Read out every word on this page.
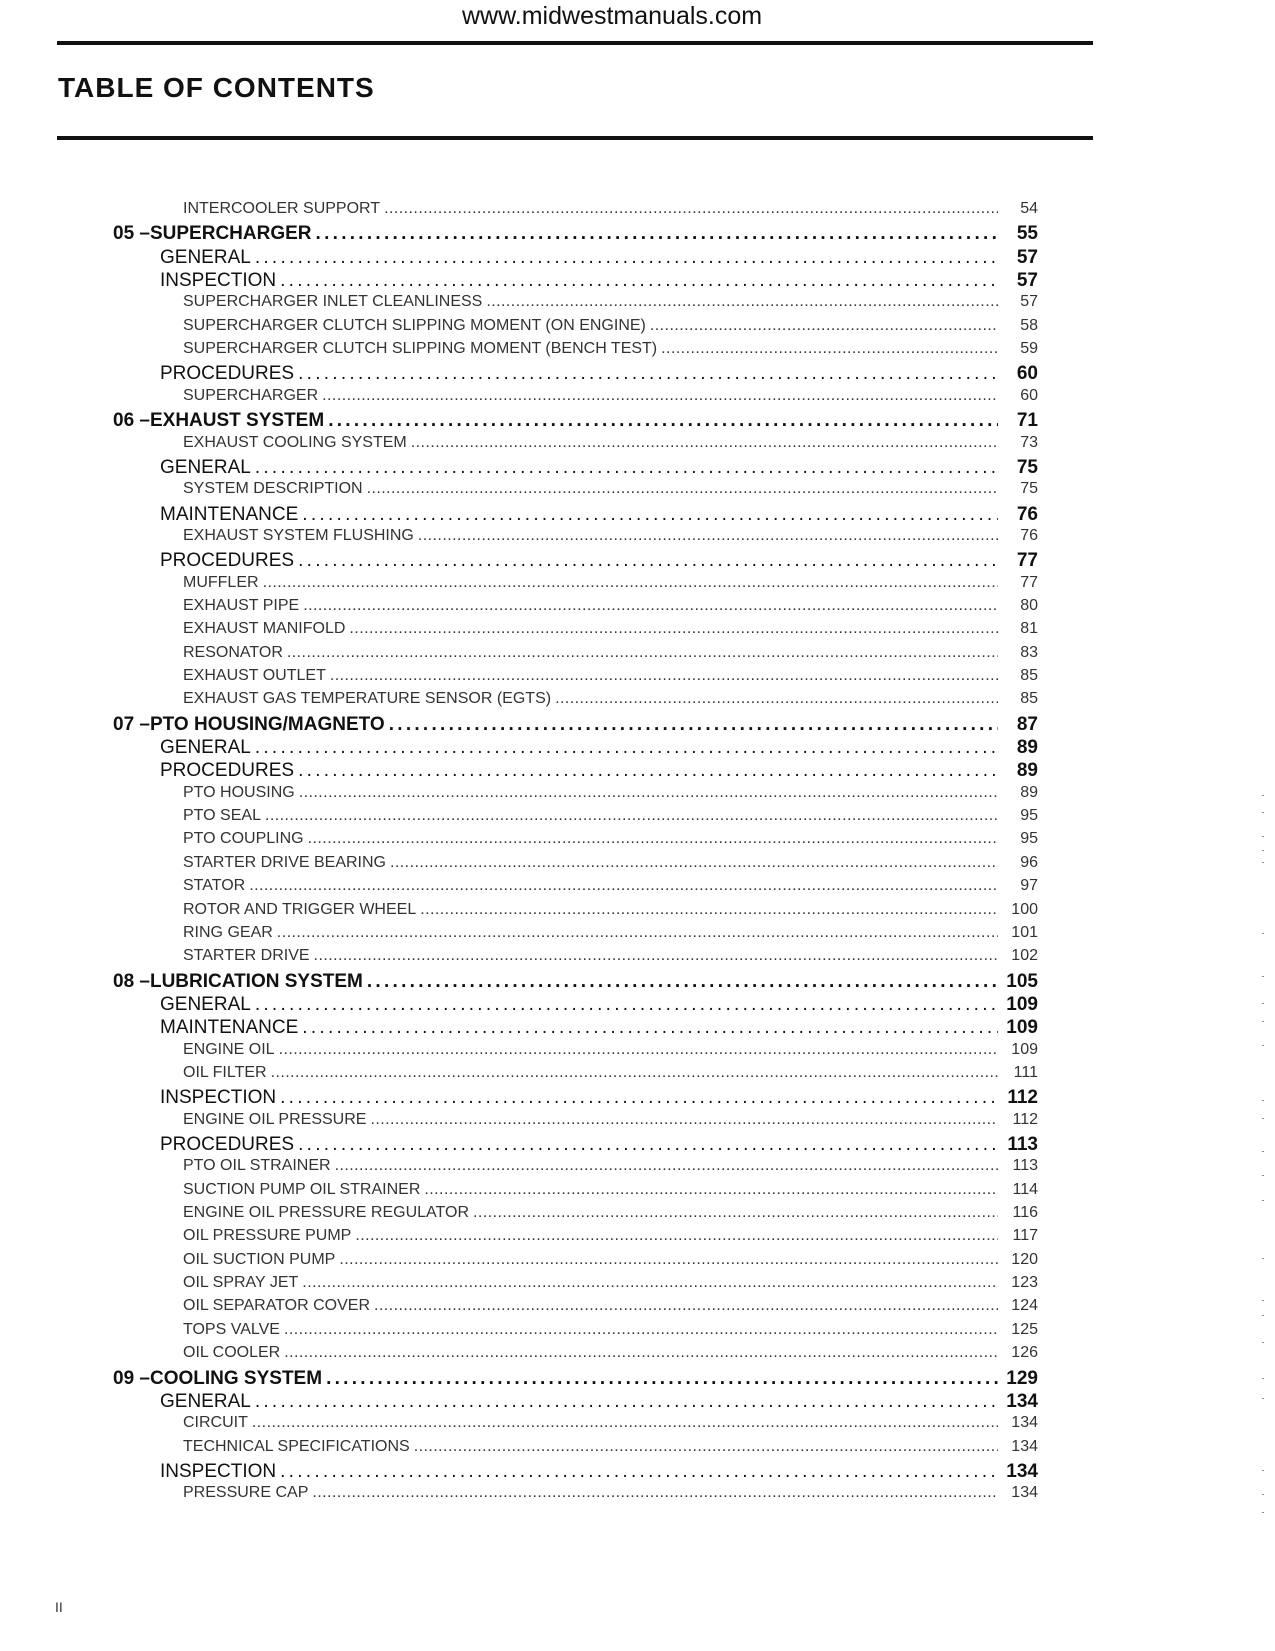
www.midwestmanuals.com
TABLE OF CONTENTS
INTERCOOLER SUPPORT . . .	54
05 – SUPERCHARGER . . .	55
GENERAL . . .	57
INSPECTION . . .	57
SUPERCHARGER INLET CLEANLINESS . . .	57
SUPERCHARGER CLUTCH SLIPPING MOMENT (ON ENGINE) . . .	58
SUPERCHARGER CLUTCH SLIPPING MOMENT (BENCH TEST) . . .	59
PROCEDURES . . .	60
SUPERCHARGER . . .	60
06 – EXHAUST SYSTEM . . .	71
EXHAUST COOLING SYSTEM . . .	73
GENERAL . . .	75
SYSTEM DESCRIPTION . . .	75
MAINTENANCE . . .	76
EXHAUST SYSTEM FLUSHING . . .	76
PROCEDURES . . .	77
MUFFLER . . .	77
EXHAUST PIPE . . .	80
EXHAUST MANIFOLD . . .	81
RESONATOR . . .	83
EXHAUST OUTLET . . .	85
EXHAUST GAS TEMPERATURE SENSOR (EGTS) . . .	85
07 – PTO HOUSING/MAGNETO . . .	87
GENERAL . . .	89
PROCEDURES . . .	89
PTO HOUSING . . .	89
PTO SEAL . . .	95
PTO COUPLING . . .	95
STARTER DRIVE BEARING . . .	96
STATOR . . .	97
ROTOR AND TRIGGER WHEEL . . .	100
RING GEAR . . .	101
STARTER DRIVE . . .	102
08 – LUBRICATION SYSTEM . . .	105
GENERAL . . .	109
MAINTENANCE . . .	109
ENGINE OIL . . .	109
OIL FILTER . . .	111
INSPECTION . . .	112
ENGINE OIL PRESSURE . . .	112
PROCEDURES . . .	113
PTO OIL STRAINER . . .	113
SUCTION PUMP OIL STRAINER . . .	114
ENGINE OIL PRESSURE REGULATOR . . .	116
OIL PRESSURE PUMP . . .	117
OIL SUCTION PUMP . . .	120
OIL SPRAY JET . . .	123
OIL SEPARATOR COVER . . .	124
TOPS VALVE . . .	125
OIL COOLER . . .	126
09 – COOLING SYSTEM . . .	129
GENERAL . . .	134
CIRCUIT . . .	134
TECHNICAL SPECIFICATIONS . . .	134
INSPECTION . . .	134
PRESSURE CAP . . .	134
II
